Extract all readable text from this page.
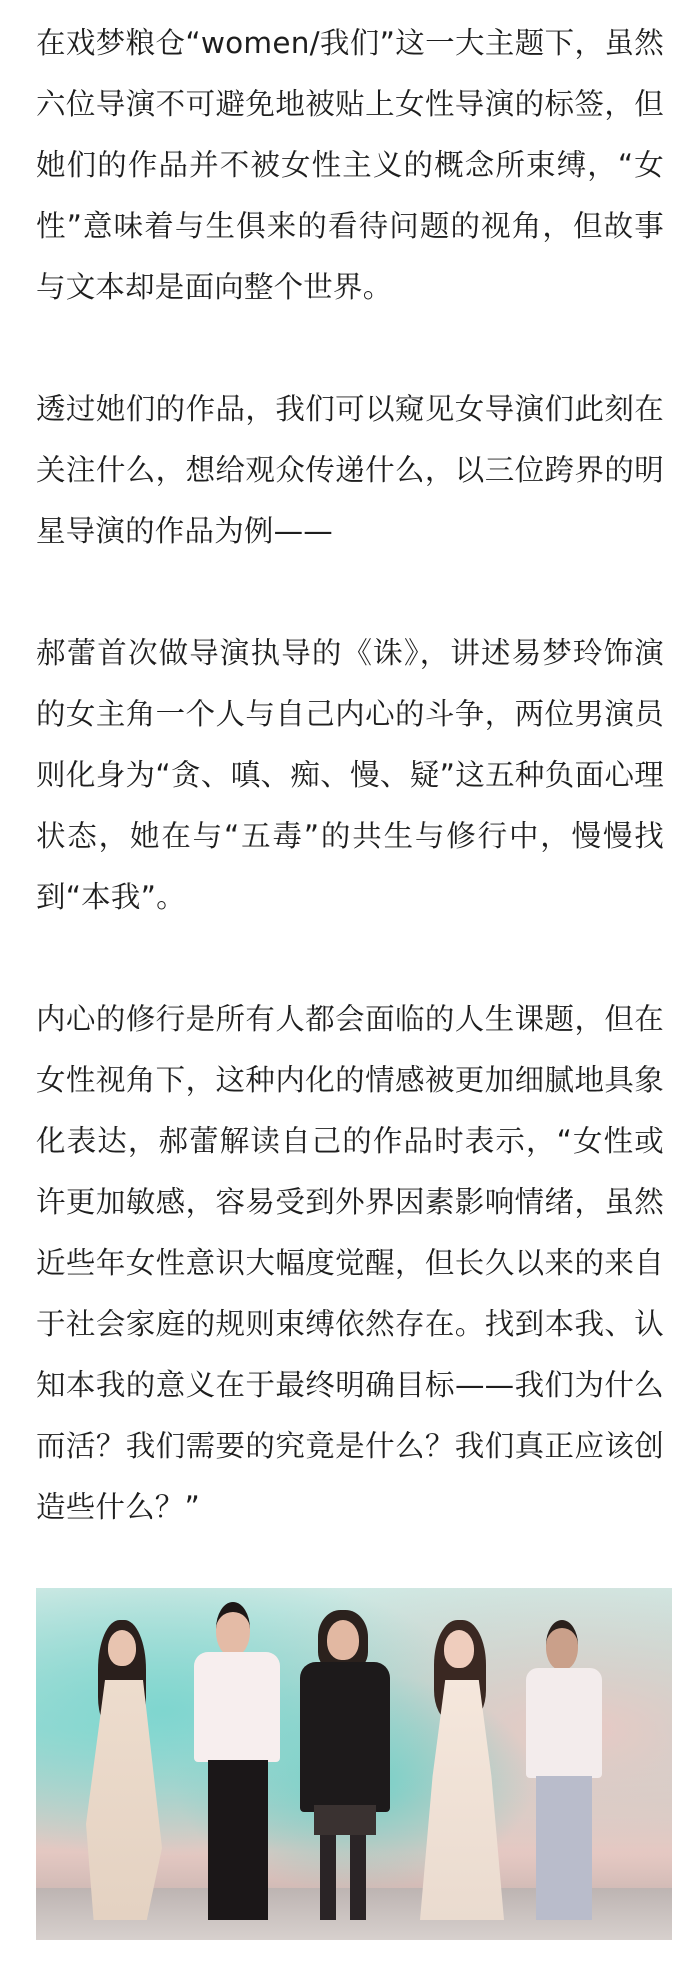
在戏梦粮仓“women/我们”这一大主题下，虽然六位导演不可避免地被贴上女性导演的标签，但她们的作品并不被女性主义的概念所束缚，“女性”意味着与生俱来的看待问题的视角，但故事与文本却是面向整个世界。

透过她们的作品，我们可以窥见女导演们此刻在关注什么，想给观众传递什么，以三位跨界的明星导演的作品为例——

郝蕾首次做导演执导的《诛》，讲述易梦玲饰演的女主角一个人与自己内心的斗争，两位男演员则化身为“贪、嗔、痴、慢、疑”这五种负面心理状态，她在与“五毒”的共生与修行中，慢慢找到“本我”。

内心的修行是所有人都会面临的人生课题，但在女性视角下，这种内化的情感被更加细腻地具象化表达，郝蕾解读自己的作品时表示，“女性或许更加敏感，容易受到外界因素影响情绪，虽然近些年女性意识大幅度觉醒，但长久以来的来自于社会家庭的规则束缚依然存在。找到本我、认知本我的意义在于最终明确目标——我们为什么而活？我们需要的究竟是什么？我们真正应该创造些什么？”
